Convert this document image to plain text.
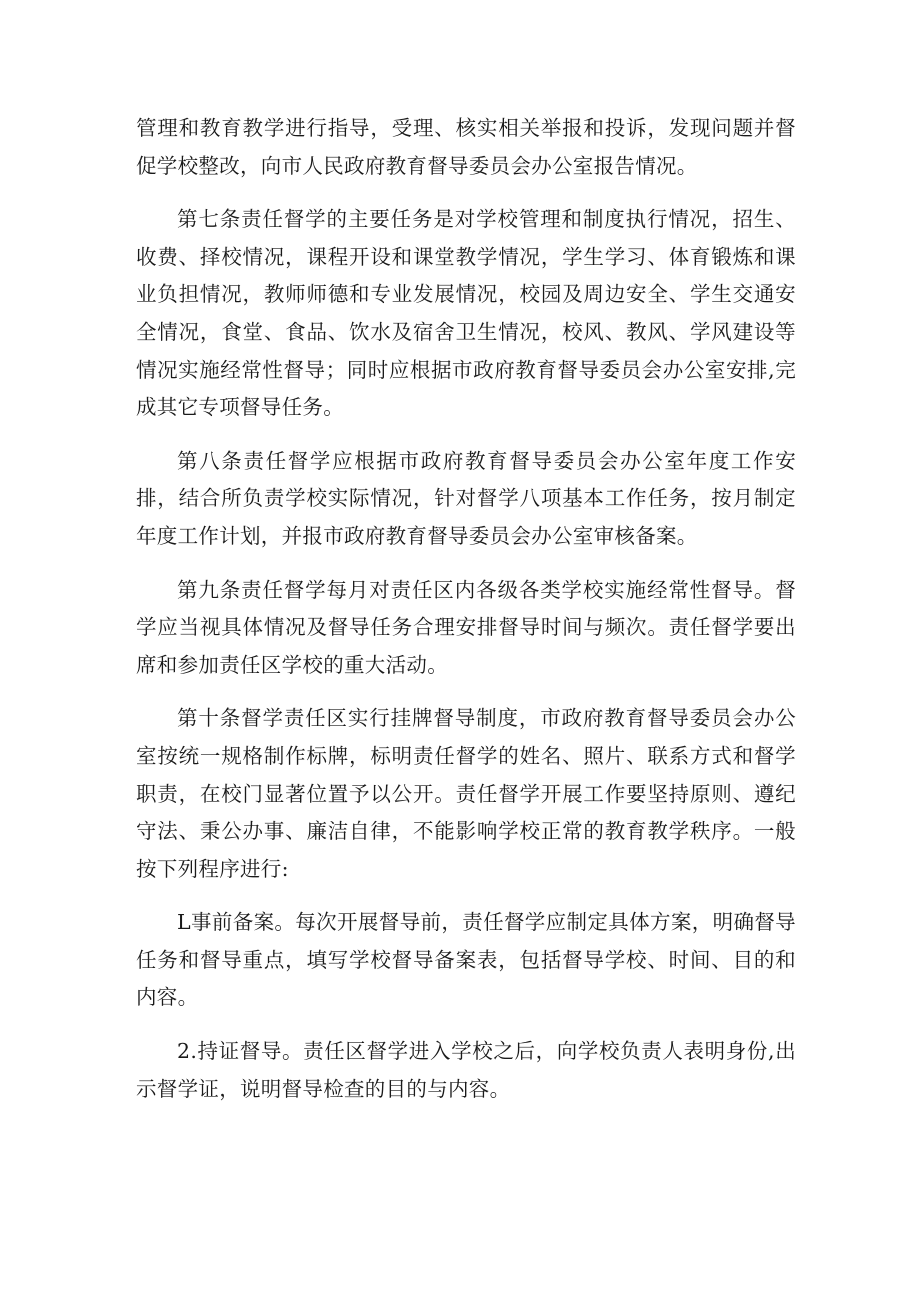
管理和教育教学进行指导，受理、核实相关举报和投诉，发现问题并督促学校整改，向市人民政府教育督导委员会办公室报告情况。

第七条责任督学的主要任务是对学校管理和制度执行情况，招生、收费、择校情况，课程开设和课堂教学情况，学生学习、体育锻炼和课业负担情况，教师师德和专业发展情况，校园及周边安全、学生交通安全情况，食堂、食品、饮水及宿舍卫生情况，校风、教风、学风建设等情况实施经常性督导；同时应根据市政府教育督导委员会办公室安排,完成其它专项督导任务。

第八条责任督学应根据市政府教育督导委员会办公室年度工作安排，结合所负责学校实际情况，针对督学八项基本工作任务，按月制定年度工作计划，并报市政府教育督导委员会办公室审核备案。

第九条责任督学每月对责任区内各级各类学校实施经常性督导。督学应当视具体情况及督导任务合理安排督导时间与频次。责任督学要出席和参加责任区学校的重大活动。

第十条督学责任区实行挂牌督导制度，市政府教育督导委员会办公室按统一规格制作标牌，标明责任督学的姓名、照片、联系方式和督学职责，在校门显著位置予以公开。责任督学开展工作要坚持原则、遵纪守法、秉公办事、廉洁自律，不能影响学校正常的教育教学秩序。一般按下列程序进行:

L事前备案。每次开展督导前，责任督学应制定具体方案，明确督导任务和督导重点，填写学校督导备案表，包括督导学校、时间、目的和内容。

2.持证督导。责任区督学进入学校之后，向学校负责人表明身份,出示督学证，说明督导检查的目的与内容。
